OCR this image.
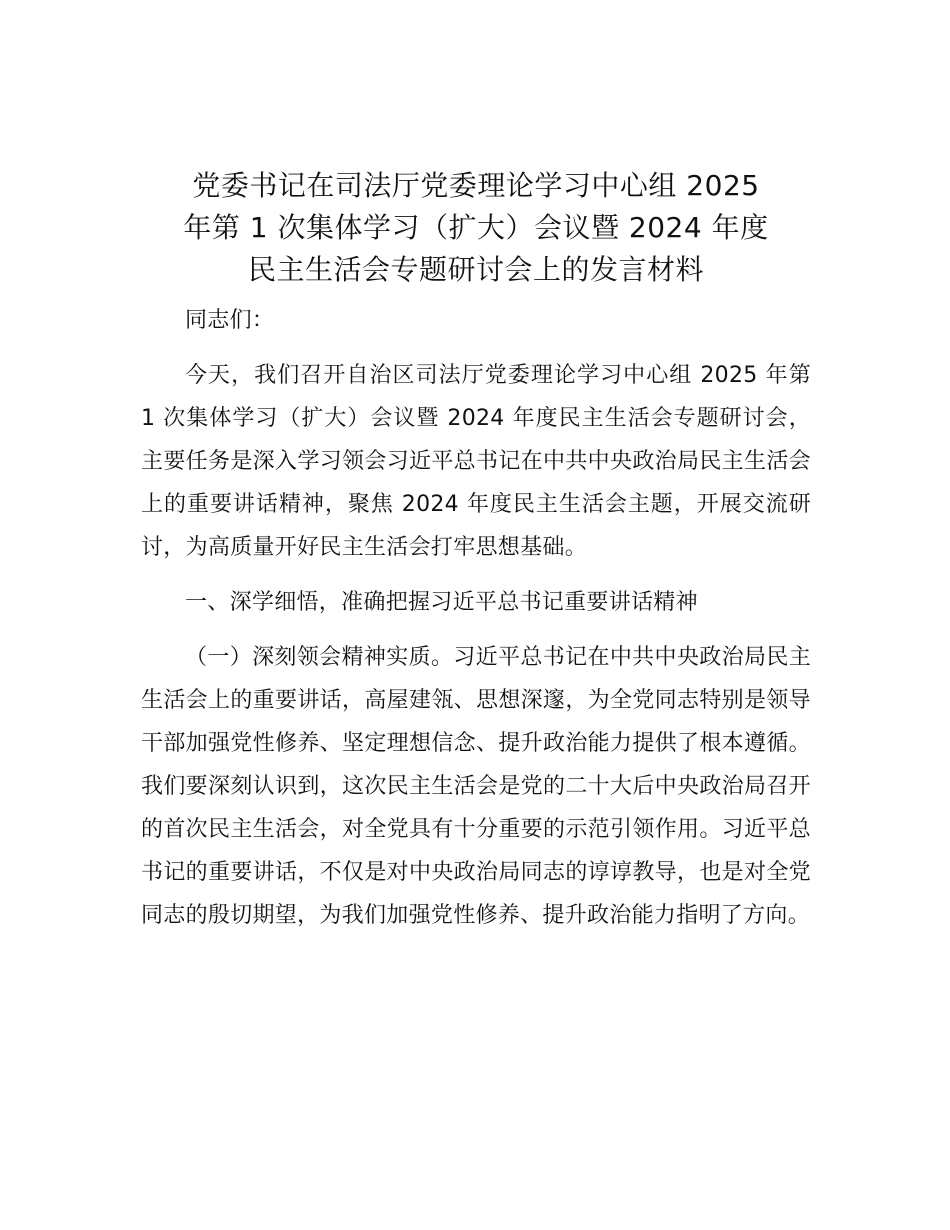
党委书记在司法厅党委理论学习中心组 2025
年第 1 次集体学习（扩大）会议暨 2024 年度
民主生活会专题研讨会上的发言材料

同志们：

今天，我们召开自治区司法厅党委理论学习中心组 2025 年第 1 次集体学习（扩大）会议暨 2024 年度民主生活会专题研讨会，主要任务是深入学习领会习近平总书记在中共中央政治局民主生活会上的重要讲话精神，聚焦 2024 年度民主生活会主题，开展交流研讨，为高质量开好民主生活会打牢思想基础。

一、深学细悟，准确把握习近平总书记重要讲话精神

（一）深刻领会精神实质。习近平总书记在中共中央政治局民主生活会上的重要讲话，高屋建瓴、思想深邃，为全党同志特别是领导干部加强党性修养、坚定理想信念、提升政治能力提供了根本遵循。我们要深刻认识到，这次民主生活会是党的二十大后中央政治局召开的首次民主生活会，对全党具有十分重要的示范引领作用。习近平总书记的重要讲话，不仅是对中央政治局同志的谆谆教导，也是对全党同志的殷切期望，为我们加强党性修养、提升政治能力指明了方向。
